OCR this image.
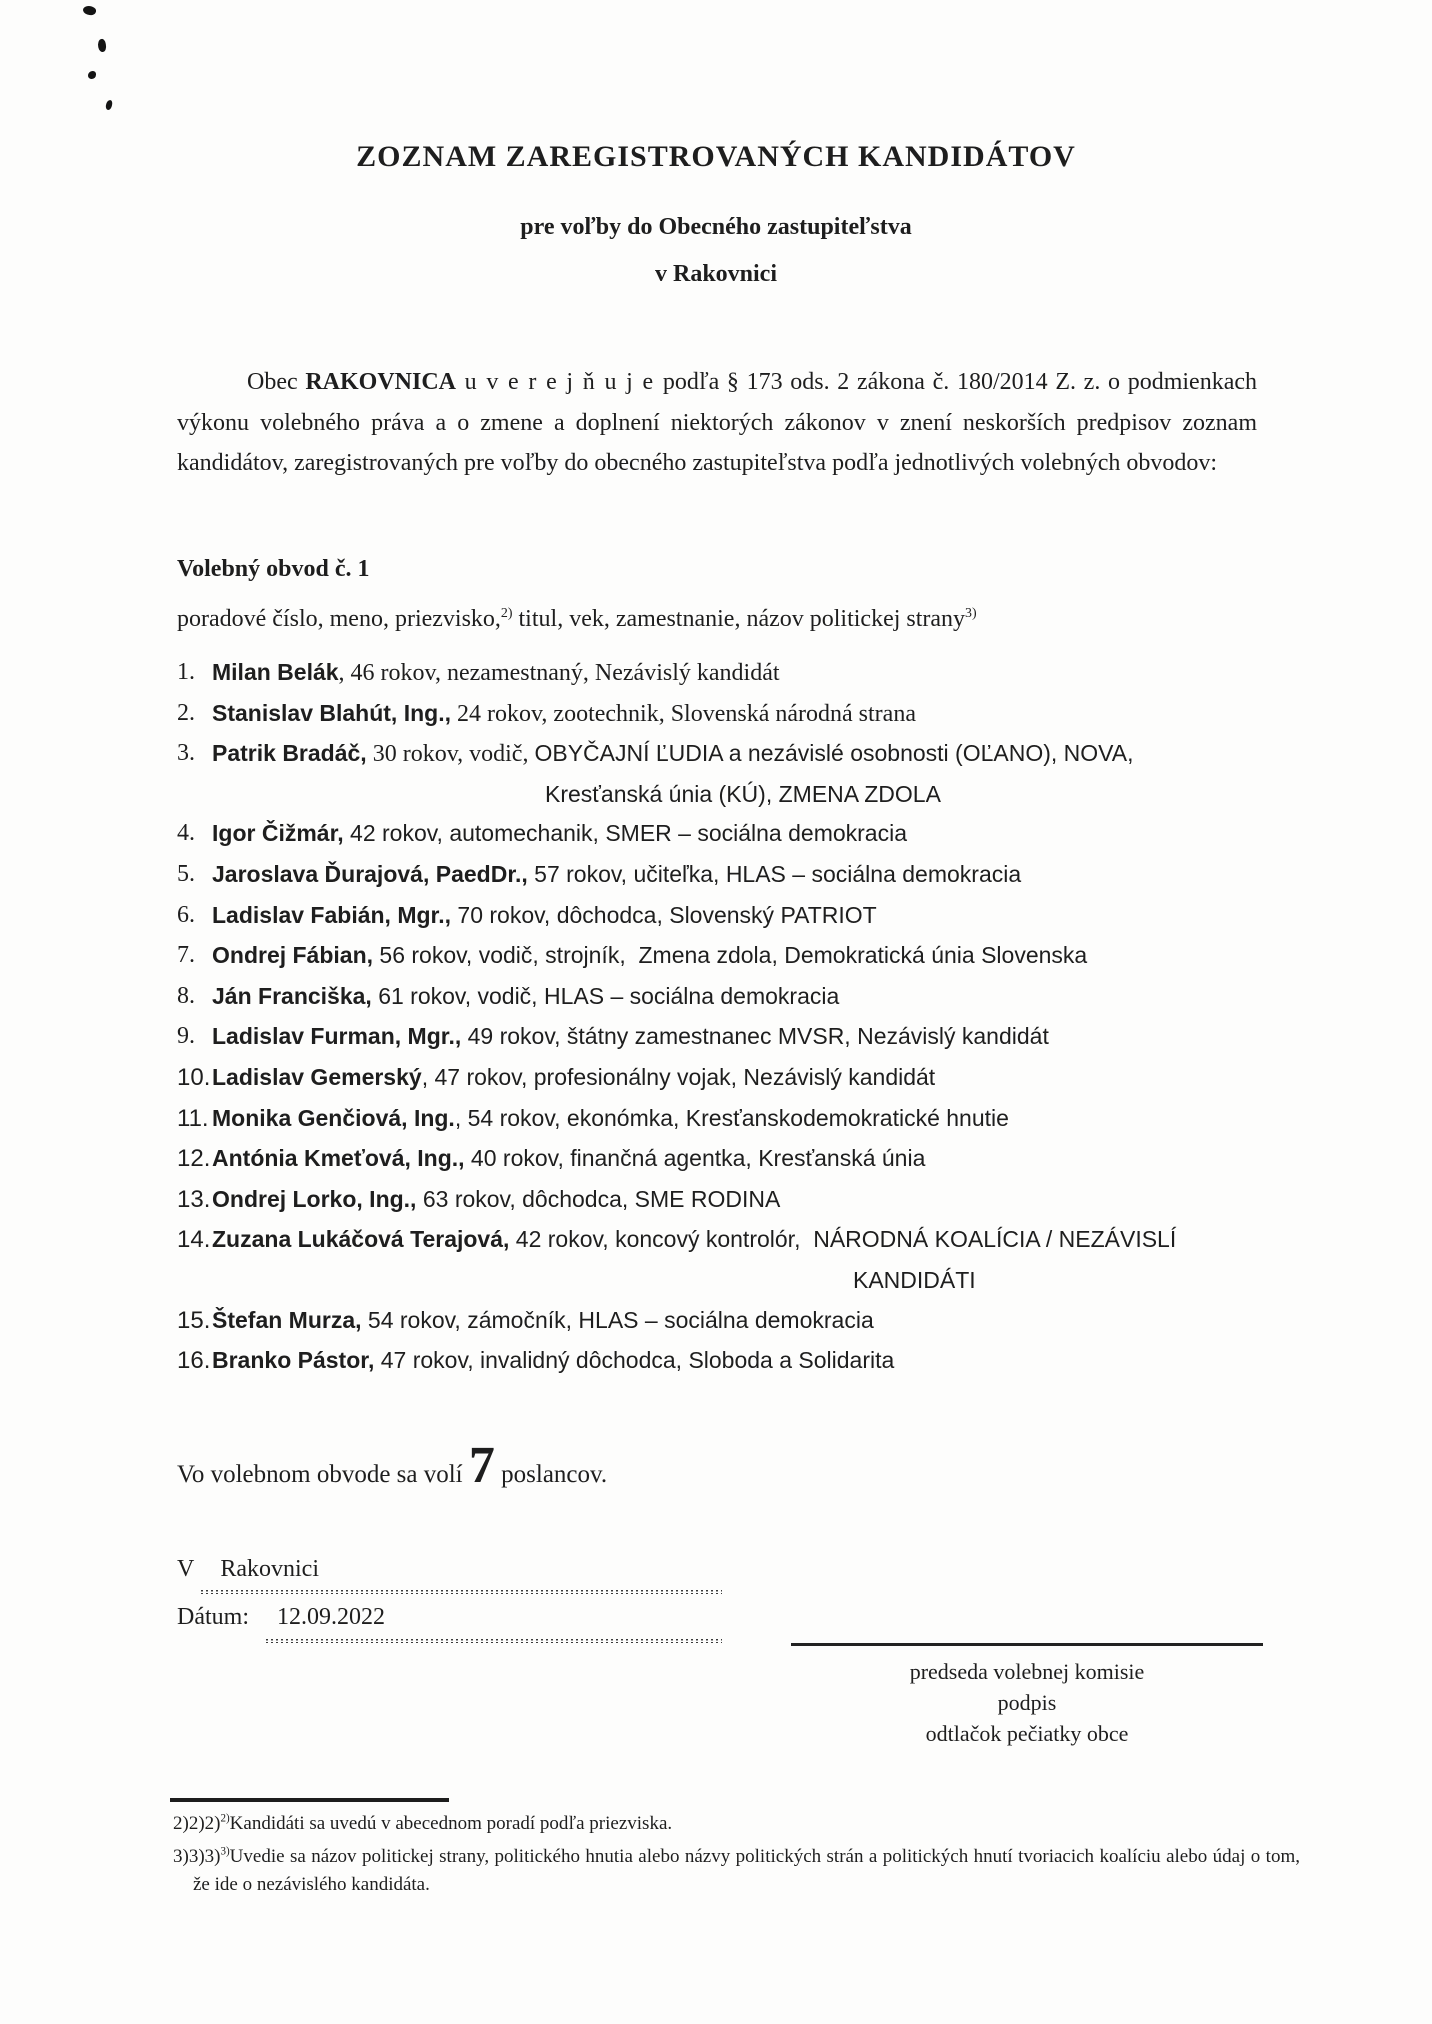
ZOZNAM ZAREGISTROVANÝCH KANDIDÁTOV
pre voľby do Obecného zastupiteľstva
v Rakovnici
Obec RAKOVNICA u v e r e j ň u j e podľa § 173 ods. 2 zákona č. 180/2014 Z. z. o podmienkach výkonu volebného práva a o zmene a doplnení niektorých zákonov v znení neskorších predpisov zoznam kandidátov, zaregistrovaných pre voľby do obecného zastupiteľstva podľa jednotlivých volebných obvodov:
Volebný obvod č. 1
poradové číslo, meno, priezvisko,$^{2)}$ titul, vek, zamestnanie, názov politickej strany$^{3)}$
1. Milan Belák, 46 rokov, nezamestnaný, Nezávislý kandidát
2. Stanislav Blahút, Ing., 24 rokov, zootechnik, Slovenská národná strana
3. Patrik Bradáč, 30 rokov, vodič, OBYČAJNÍ ĽUDIA a nezávislé osobnosti (OĽANO), NOVA,
Kresťanská únia (KÚ), ZMENA ZDOLA
4. Igor Čižmár, 42 rokov, automechanik, SMER – sociálna demokracia
5. Jaroslava Ďurajová, PaedDr., 57 rokov, učiteľka, HLAS – sociálna demokracia
6. Ladislav Fabián, Mgr., 70 rokov, dôchodca, Slovenský PATRIOT
7. Ondrej Fábian, 56 rokov, vodič, strojník,  Zmena zdola, Demokratická únia Slovenska
8. Ján Franciška, 61 rokov, vodič, HLAS – sociálna demokracia
9. Ladislav Furman, Mgr., 49 rokov, štátny zamestnanec MVSR, Nezávislý kandidát
10. Ladislav Gemerský, 47 rokov, profesionálny vojak, Nezávislý kandidát
11. Monika Genčiová, Ing., 54 rokov, ekonómka, Kresťanskodemokratické hnutie
12. Antónia Kmeťová, Ing., 40 rokov, finančná agentka, Kresťanská únia
13. Ondrej Lorko, Ing., 63 rokov, dôchodca, SME RODINA
14. Zuzana Lukáčová Terajová, 42 rokov, koncový kontrolór,  NÁRODNÁ KOALÍCIA / NEZÁVISLÍ
KANDIDÁTI
15. Štefan Murza, 54 rokov, zámočník, HLAS – sociálna demokracia
16. Branko Pástor, 47 rokov, invalidný dôchodca, Sloboda a Solidarita
Vo volebnom obvode sa volí 7 poslancov.
V Rakovnici
Dátum: 12.09.2022
predseda volebnej komisie
podpis
odtlačok pečiatky obce
2)2)2)$^{2)}$Kandidáti sa uvedú v abecednom poradí podľa priezviska.
3)3)3)$^{3)}$Uvedie sa názov politickej strany, politického hnutia alebo názvy politických strán a politických hnutí tvoriacich koalíciu alebo údaj o tom, že ide o nezávislého kandidáta.
